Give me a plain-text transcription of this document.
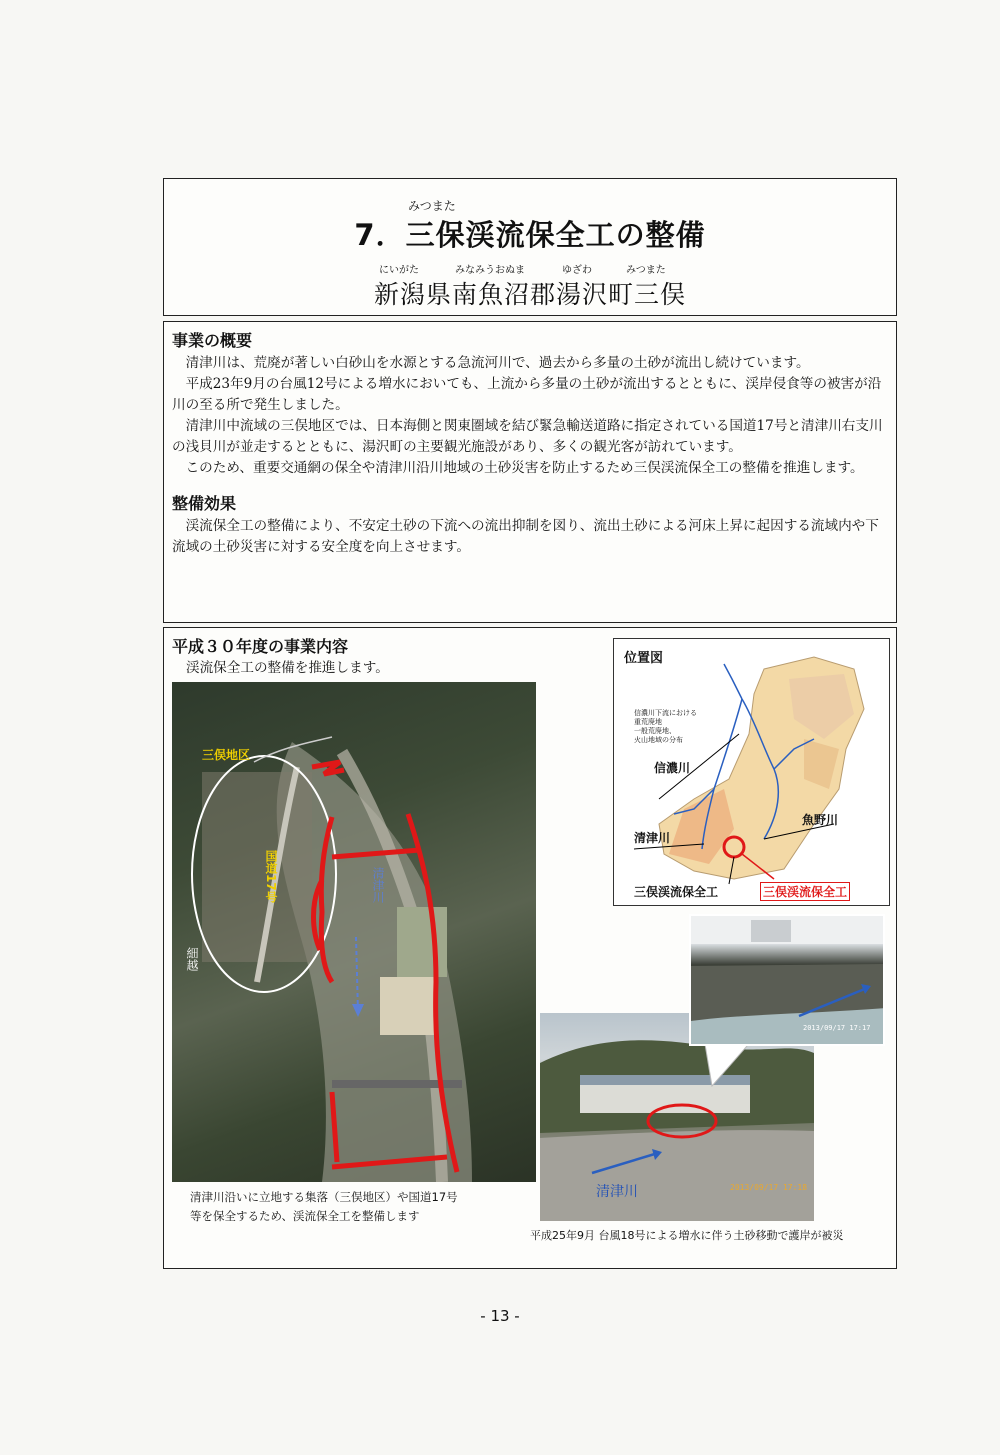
みつまた
7．三保渓流保全工の整備
にいがた	みなみうおぬま	ゆざわ	みつまた
新潟県南魚沼郡湯沢町三俣
事業の概要

清津川は、荒廃が著しい白砂山を水源とする急流河川で、過去から多量の土砂が流出し続けています。

平成23年9月の台風12号による増水においても、上流から多量の土砂が流出するとともに、渓岸侵食等の被害が沿川の至る所で発生しました。

清津川中流域の三俣地区では、日本海側と関東圏域を結び緊急輸送道路に指定されている国道17号と清津川右支川の浅貝川が並走するとともに、湯沢町の主要観光施設があり、多くの観光客が訪れています。

このため、重要交通網の保全や清津川沿川地域の土砂災害を防止するため三俣渓流保全工の整備を推進します。

整備効果

渓流保全工の整備により、不安定土砂の下流への流出抑制を図り、流出土砂による河床上昇に起因する流域内や下流域の土砂災害に対する安全度を向上させます。

平成３０年度の事業内容
渓流保全工の整備を推進します。
三俣地区
国道17号	清津川
細越
清津川沿いに立地する集落（三俣地区）や国道17号
等を保全するため、渓流保全工を整備します
位置図
信濃川下流における
重荒廃地
一般荒廃地、
火山地域の分布
信濃川
魚野川
清津川
三俣渓流保全工	三俣渓流保全工
清津川	2013/09/17 17:18
2013/09/17 17:17
平成25年9月 台風18号による増水に伴う土砂移動で護岸が被災
- 13 -
